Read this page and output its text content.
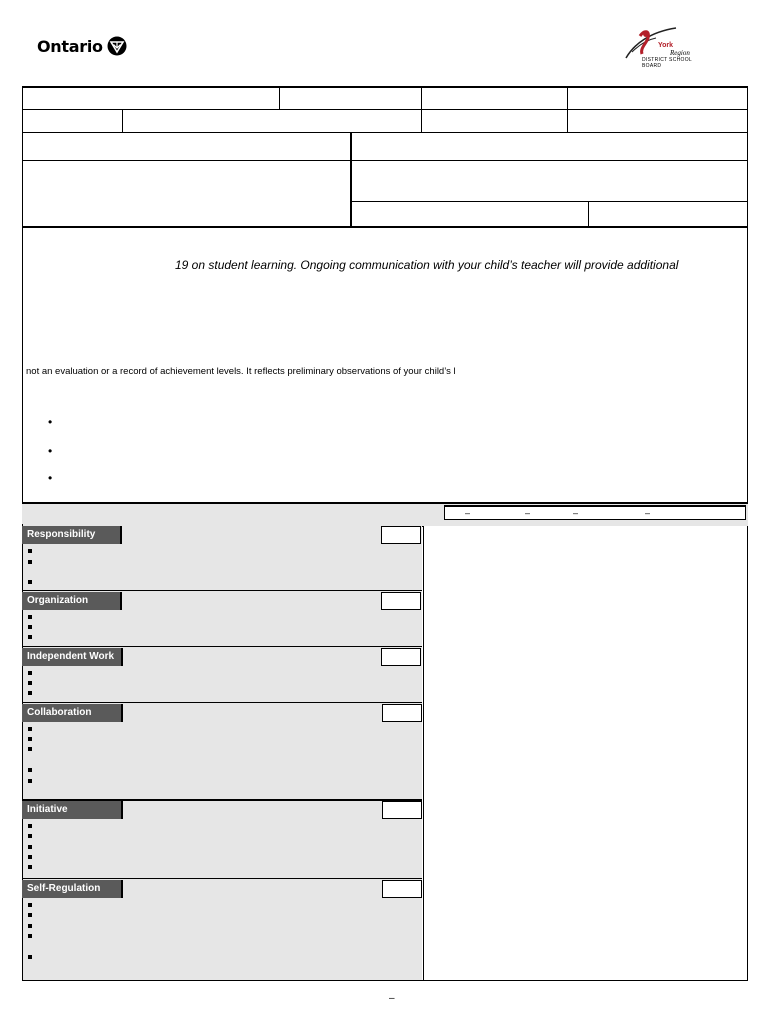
Ontario	York
Region
DISTRICT SCHOOL BOARD
19 on student learning. Ongoing communication with your child’s teacher will provide additional
not an evaluation or a record of achievement levels. It reflects preliminary observations of your child’s l
•
•
•
–	–	–	–
Responsibility
Organization
Independent Work
Collaboration
Initiative
Self-Regulation
–
